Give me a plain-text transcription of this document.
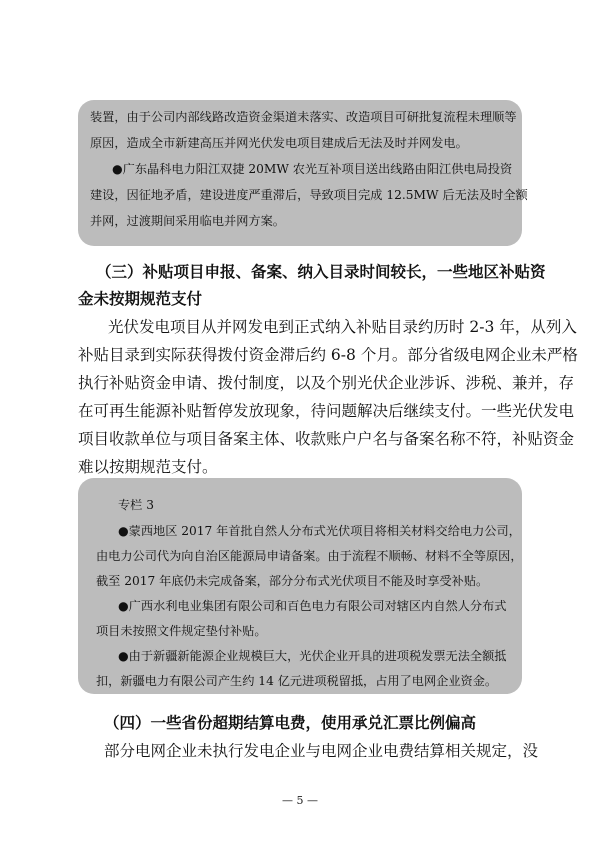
装置，由于公司内部线路改造资金渠道未落实、改造项目可研批复流程未理顺等
原因，造成全市新建高压并网光伏发电项目建成后无法及时并网发电。
●广东晶科电力阳江双捷 20MW 农光互补项目送出线路由阳江供电局投资
建设，因征地矛盾，建设进度严重滞后，导致项目完成 12.5MW 后无法及时全额
并网，过渡期间采用临电并网方案。
（三）补贴项目申报、备案、纳入目录时间较长，一些地区补贴资
金未按期规范支付
光伏发电项目从并网发电到正式纳入补贴目录约历时 2-3 年，从列入
补贴目录到实际获得拨付资金滞后约 6-8 个月。部分省级电网企业未严格
执行补贴资金申请、拨付制度，以及个别光伏企业涉诉、涉税、兼并，存
在可再生能源补贴暂停发放现象，待问题解决后继续支付。一些光伏发电
项目收款单位与项目备案主体、收款账户户名与备案名称不符，补贴资金
难以按期规范支付。
专栏 3
●蒙西地区 2017 年首批自然人分布式光伏项目将相关材料交给电力公司，
由电力公司代为向自治区能源局申请备案。由于流程不顺畅、材料不全等原因，
截至 2017 年底仍未完成备案，部分分布式光伏项目不能及时享受补贴。
●广西水利电业集团有限公司和百色电力有限公司对辖区内自然人分布式
项目未按照文件规定垫付补贴。
●由于新疆新能源企业规模巨大，光伏企业开具的进项税发票无法全额抵
扣，新疆电力有限公司产生约 14 亿元进项税留抵，占用了电网企业资金。
（四）一些省份超期结算电费，使用承兑汇票比例偏高
部分电网企业未执行发电企业与电网企业电费结算相关规定，没
— 5 —
